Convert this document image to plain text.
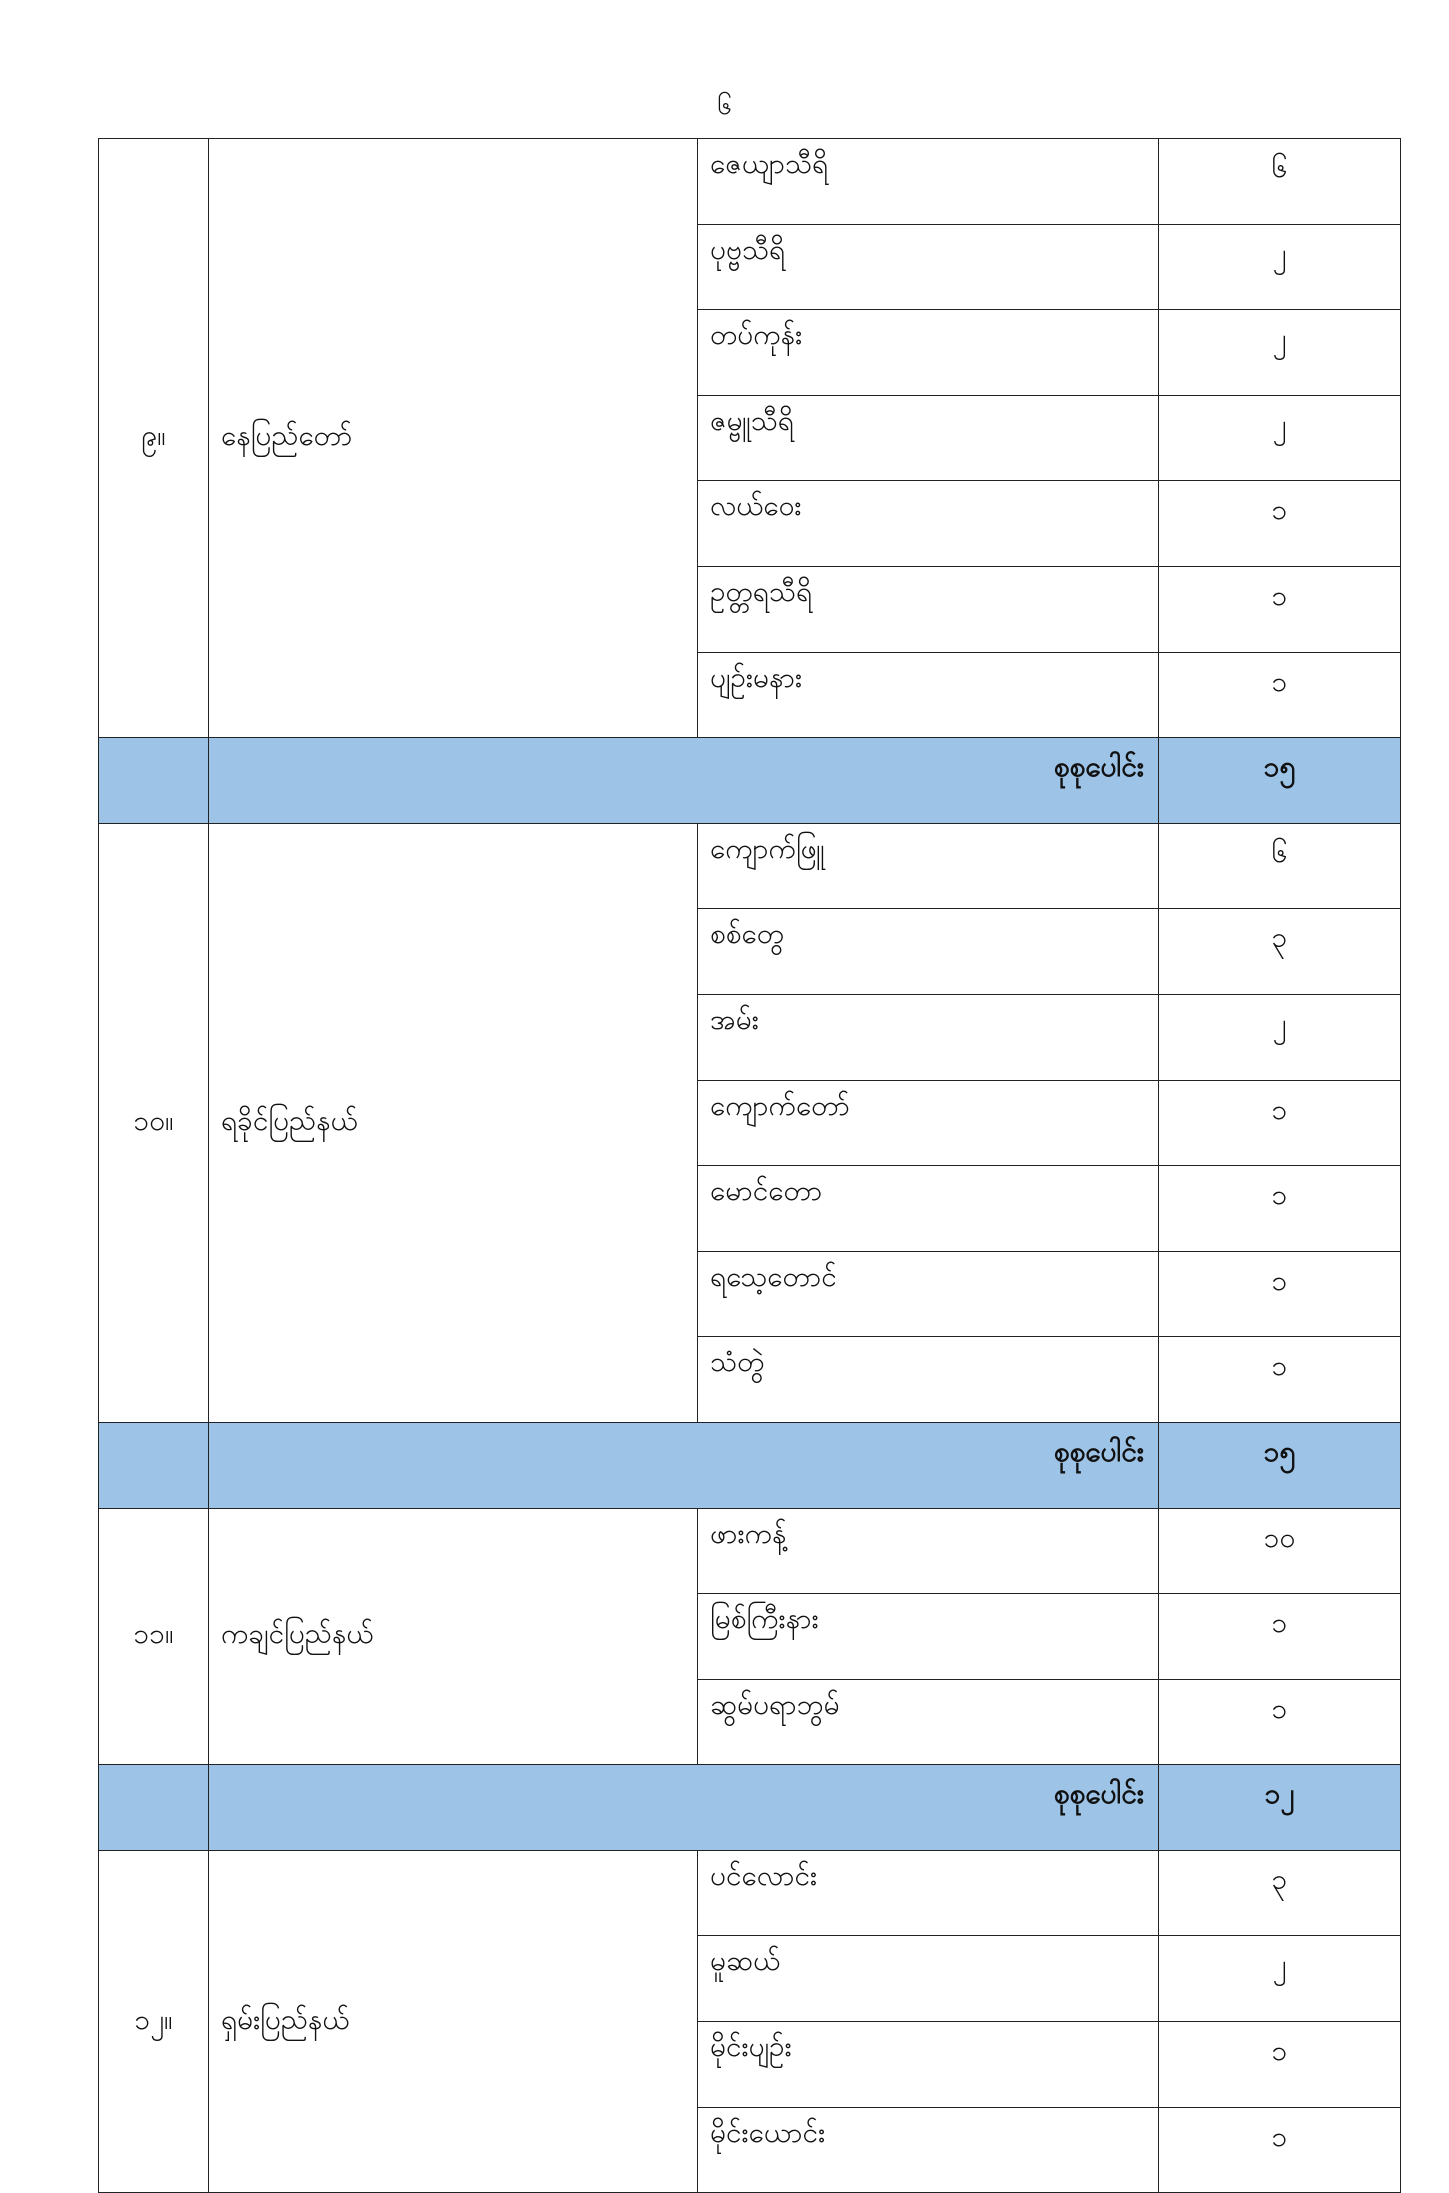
၆
၉။	နေပြည်တော်	ဇေယျာသီရိ	၆
		ပုဗ္ဗသီရိ	၂
		တပ်ကုန်း	၂
		ဇမ္ဗူသီရိ	၂
		လယ်ဝေး	၁
		ဥတ္တရသီရိ	၁
		ပျဉ်းမနား	၁
	စုစုပေါင်း		၁၅
၁၀။	ရခိုင်ပြည်နယ်	ကျောက်ဖြူ	၆
		စစ်တွေ	၃
		အမ်း	၂
		ကျောက်တော်	၁
		မောင်တော	၁
		ရသေ့တောင်	၁
		သံတွဲ	၁
	စုစုပေါင်း		၁၅
၁၁။	ကချင်ပြည်နယ်	ဖားကန့်	၁၀
		မြစ်ကြီးနား	၁
		ဆွမ်ပရာဘွမ်	၁
	စုစုပေါင်း		၁၂
၁၂။	ရှမ်းပြည်နယ်	ပင်လောင်း	၃
		မူဆယ်	၂
		မိုင်းပျဉ်း	၁
		မိုင်းယောင်း	၁
